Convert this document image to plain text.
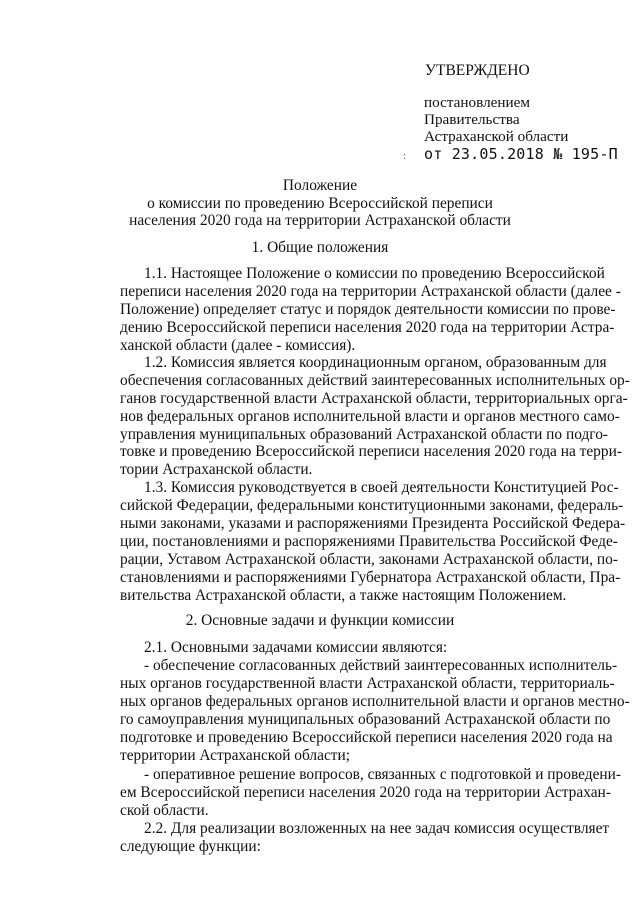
УТВЕРЖДЕНО
постановлением
Правительства
Астраханской области
: от 23.05.2018 № 195-П
Положение
о комиссии по проведению Всероссийской переписи
населения 2020 года на территории Астраханской области
1. Общие положения
1.1. Настоящее Положение о комиссии по проведению Всероссийской
переписи населения 2020 года на территории Астраханской области (далее -
Положение) определяет статус и порядок деятельности комиссии по прове-
дению Всероссийской переписи населения 2020 года на территории Астра-
ханской области (далее - комиссия).
1.2. Комиссия является координационным органом, образованным для
обеспечения согласованных действий заинтересованных исполнительных ор-
ганов государственной власти Астраханской области, территориальных орга-
нов федеральных органов исполнительной власти и органов местного само-
управления муниципальных образований Астраханской области по подго-
товке и проведению Всероссийской переписи населения 2020 года на терри-
тории Астраханской области.
1.3. Комиссия руководствуется в своей деятельности Конституцией Рос-
сийской Федерации, федеральными конституционными законами, федераль-
ными законами, указами и распоряжениями Президента Российской Федера-
ции, постановлениями и распоряжениями Правительства Российской Феде-
рации, Уставом Астраханской области, законами Астраханской области, по-
становлениями и распоряжениями Губернатора Астраханской области, Пра-
вительства Астраханской области, а также настоящим Положением.
2. Основные задачи и функции комиссии
2.1. Основными задачами комиссии являются:
- обеспечение согласованных действий заинтересованных исполнитель-
ных органов государственной власти Астраханской области, территориаль-
ных органов федеральных органов исполнительной власти и органов местно-
го самоуправления муниципальных образований Астраханской области по
подготовке и проведению Всероссийской переписи населения 2020 года на
территории Астраханской области;
- оперативное решение вопросов, связанных с подготовкой и проведени-
ем Всероссийской переписи населения 2020 года на территории Астрахан-
ской области.
2.2. Для реализации возложенных на нее задач комиссия осуществляет
следующие функции:
